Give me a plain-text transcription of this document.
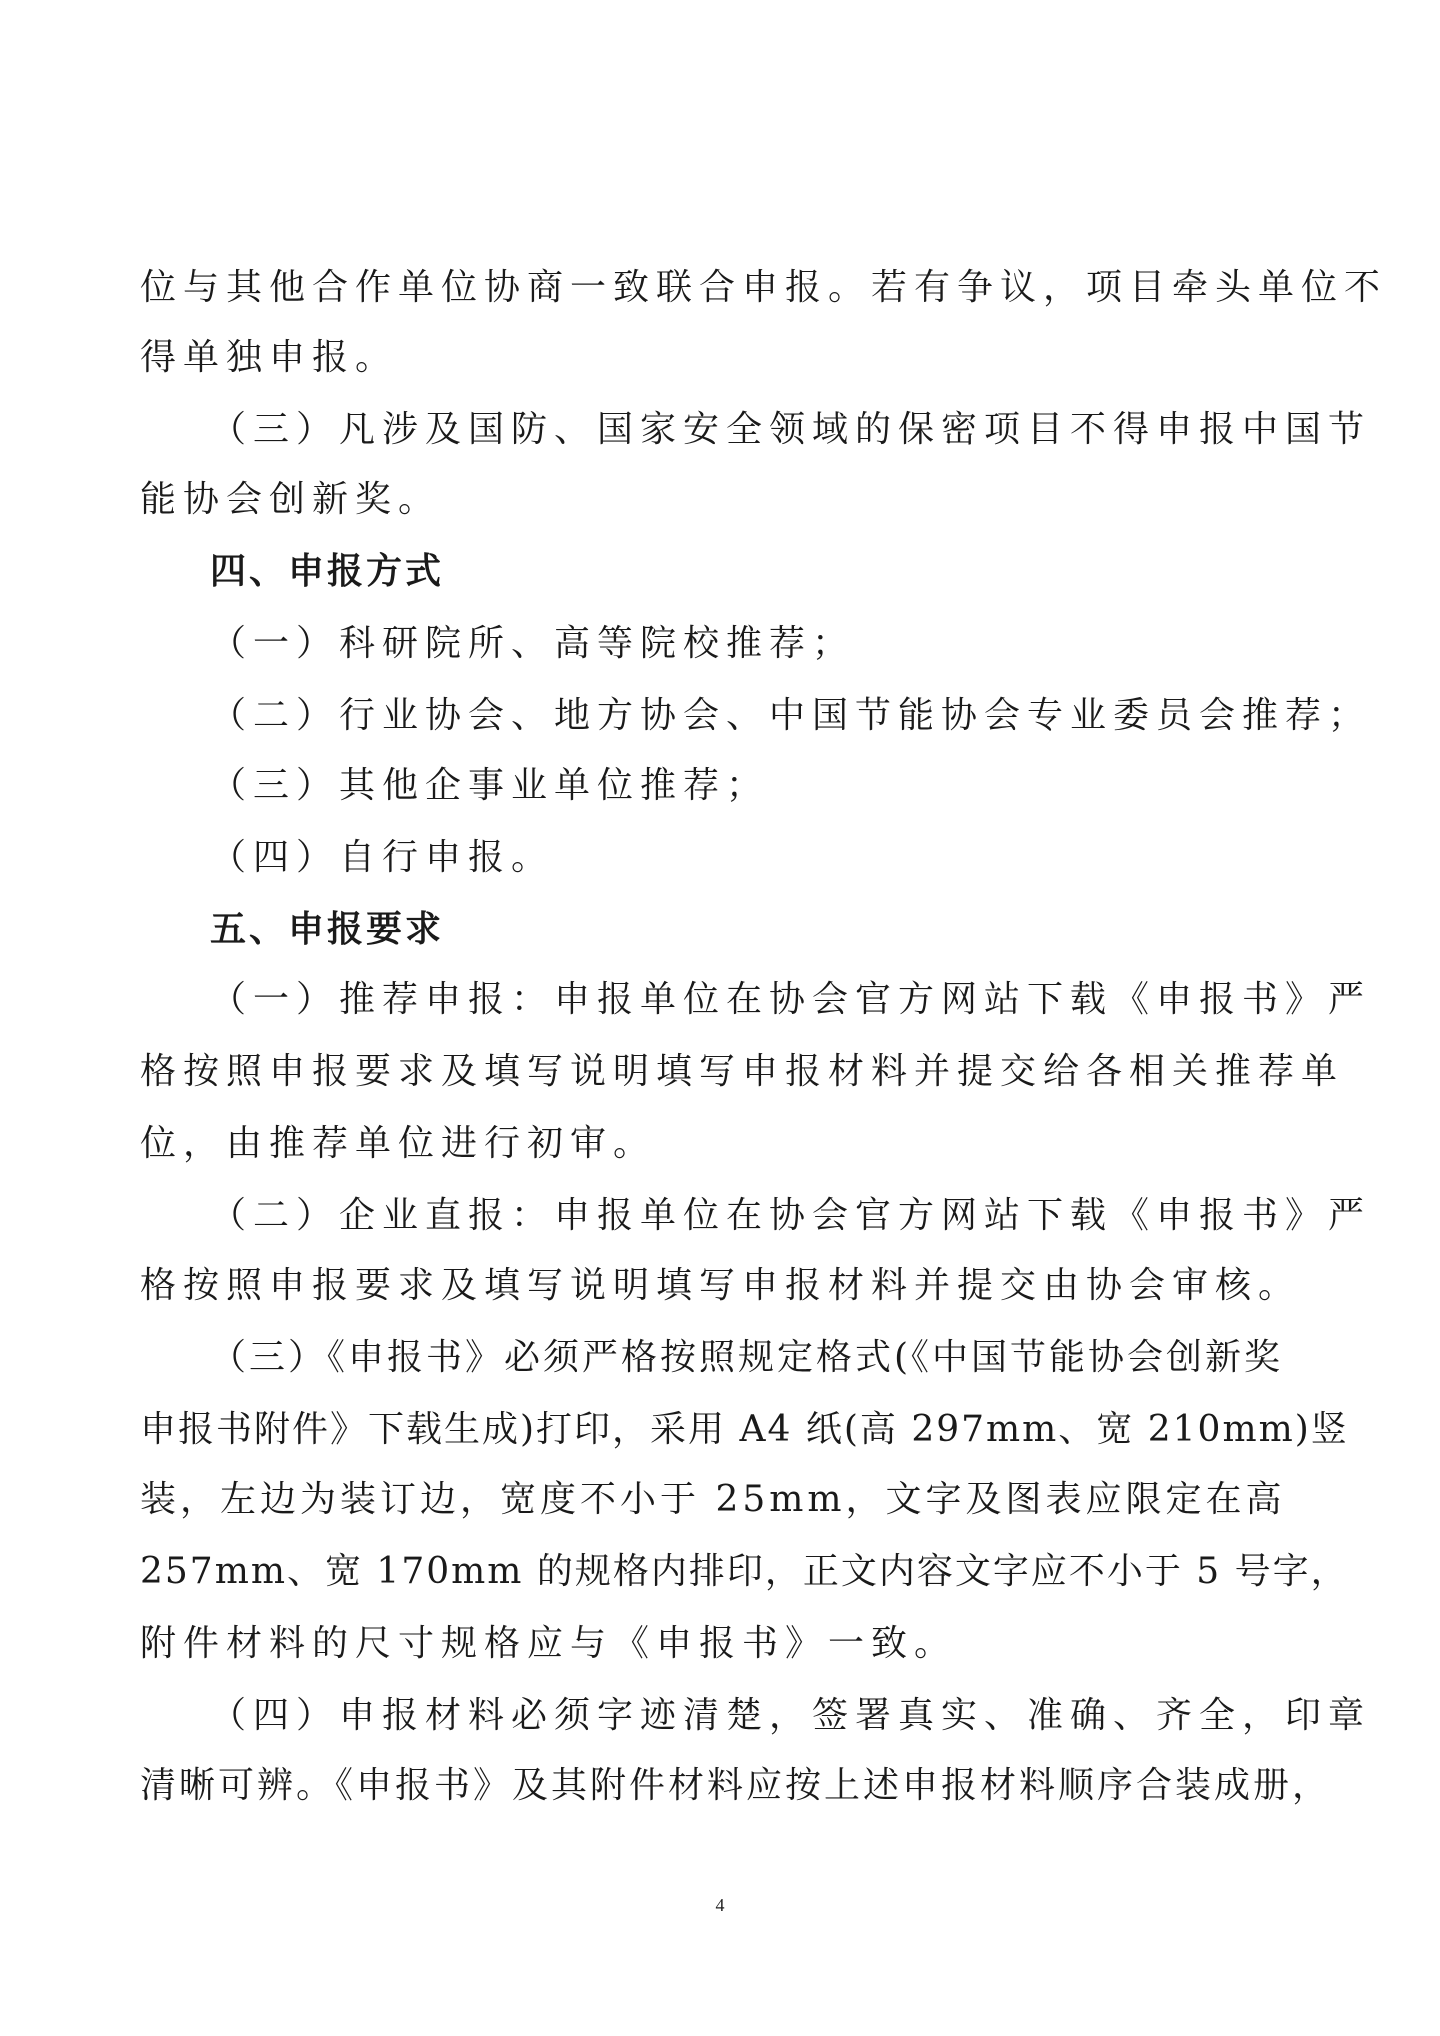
位与其他合作单位协商一致联合申报。若有争议，项目牵头单位不
得单独申报。
（三）凡涉及国防、国家安全领域的保密项目不得申报中国节
能协会创新奖。
四、申报方式
（一）科研院所、高等院校推荐；
（二）行业协会、地方协会、中国节能协会专业委员会推荐；
（三）其他企事业单位推荐；
（四）自行申报。
五、申报要求
（一）推荐申报：申报单位在协会官方网站下载《申报书》严
格按照申报要求及填写说明填写申报材料并提交给各相关推荐单
位，由推荐单位进行初审。
（二）企业直报：申报单位在协会官方网站下载《申报书》严
格按照申报要求及填写说明填写申报材料并提交由协会审核。
（三）《申报书》必须严格按照规定格式(《中国节能协会创新奖
申报书附件》下载生成)打印，采用 A4 纸(高 297mm、宽 210mm)竖
装，左边为装订边，宽度不小于 25mm，文字及图表应限定在高
257mm、宽 170mm 的规格内排印，正文内容文字应不小于 5 号字，
附件材料的尺寸规格应与《申报书》一致。
（四）申报材料必须字迹清楚，签署真实、准确、齐全，印章
清晰可辨。《申报书》及其附件材料应按上述申报材料顺序合装成册，
4
